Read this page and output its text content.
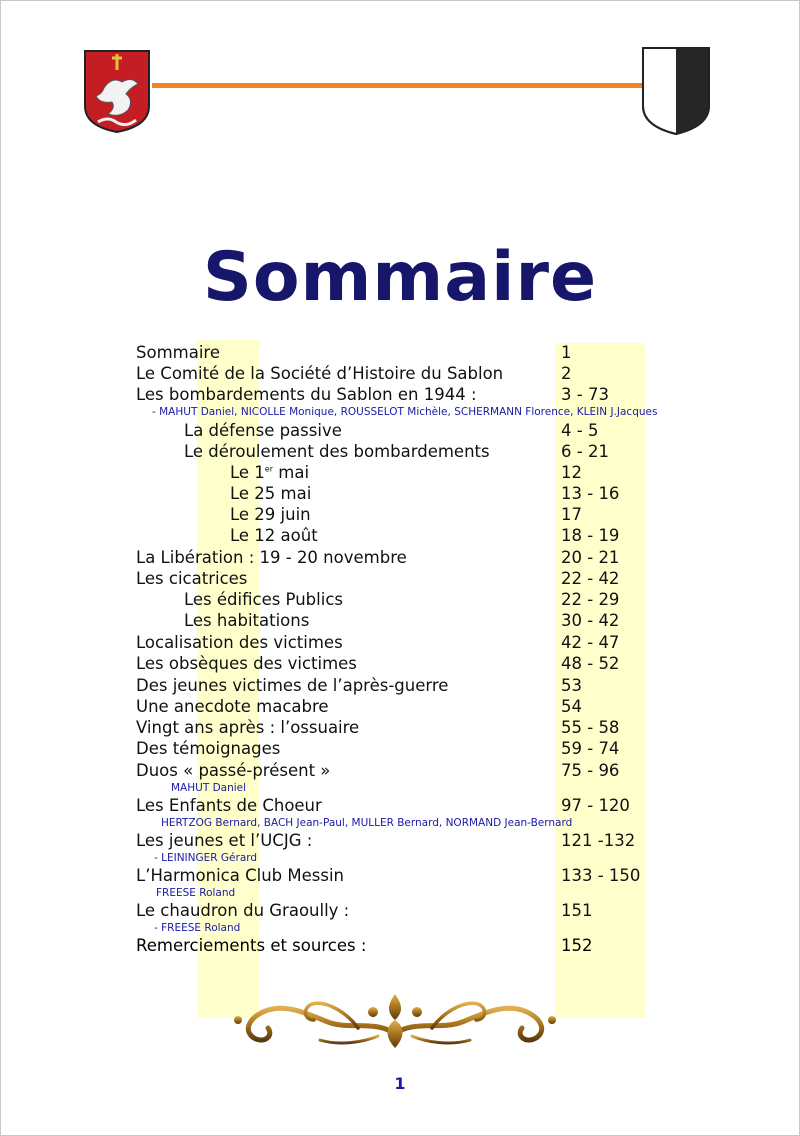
Sommaire
Sommaire	1
Le Comité de la Société d’Histoire du Sablon	2
Les bombardements du Sablon en 1944 :	3 - 73
- MAHUT Daniel, NICOLLE Monique, ROUSSELOT Michèle, SCHERMANN Florence, KLEIN J.Jacques
La défense passive	4 - 5
Le déroulement des bombardements	6 - 21
Le 1er mai	12
Le 25 mai	13 - 16
Le 29 juin	17
Le 12 août	18 - 19
La Libération : 19 - 20 novembre	20 - 21
Les cicatrices	22 - 42
Les édifices Publics	22 - 29
Les habitations	30 - 42
Localisation des victimes	42 - 47
Les obsèques des victimes	48 - 52
Des jeunes victimes de l’après-guerre	53
Une anecdote macabre	54
Vingt ans après : l’ossuaire	55 - 58
Des témoignages	59 - 74
Duos « passé-présent »	75 - 96
MAHUT Daniel
Les Enfants de Choeur	97 - 120
HERTZOG Bernard, BACH Jean-Paul, MULLER Bernard, NORMAND Jean-Bernard
Les jeunes et l’UCJG :	121 -132
- LEININGER Gérard
L’Harmonica Club Messin	133 - 150
FREESE Roland
Le chaudron du Graoully :	151
- FREESE Roland
Remerciements et sources :	152
1
